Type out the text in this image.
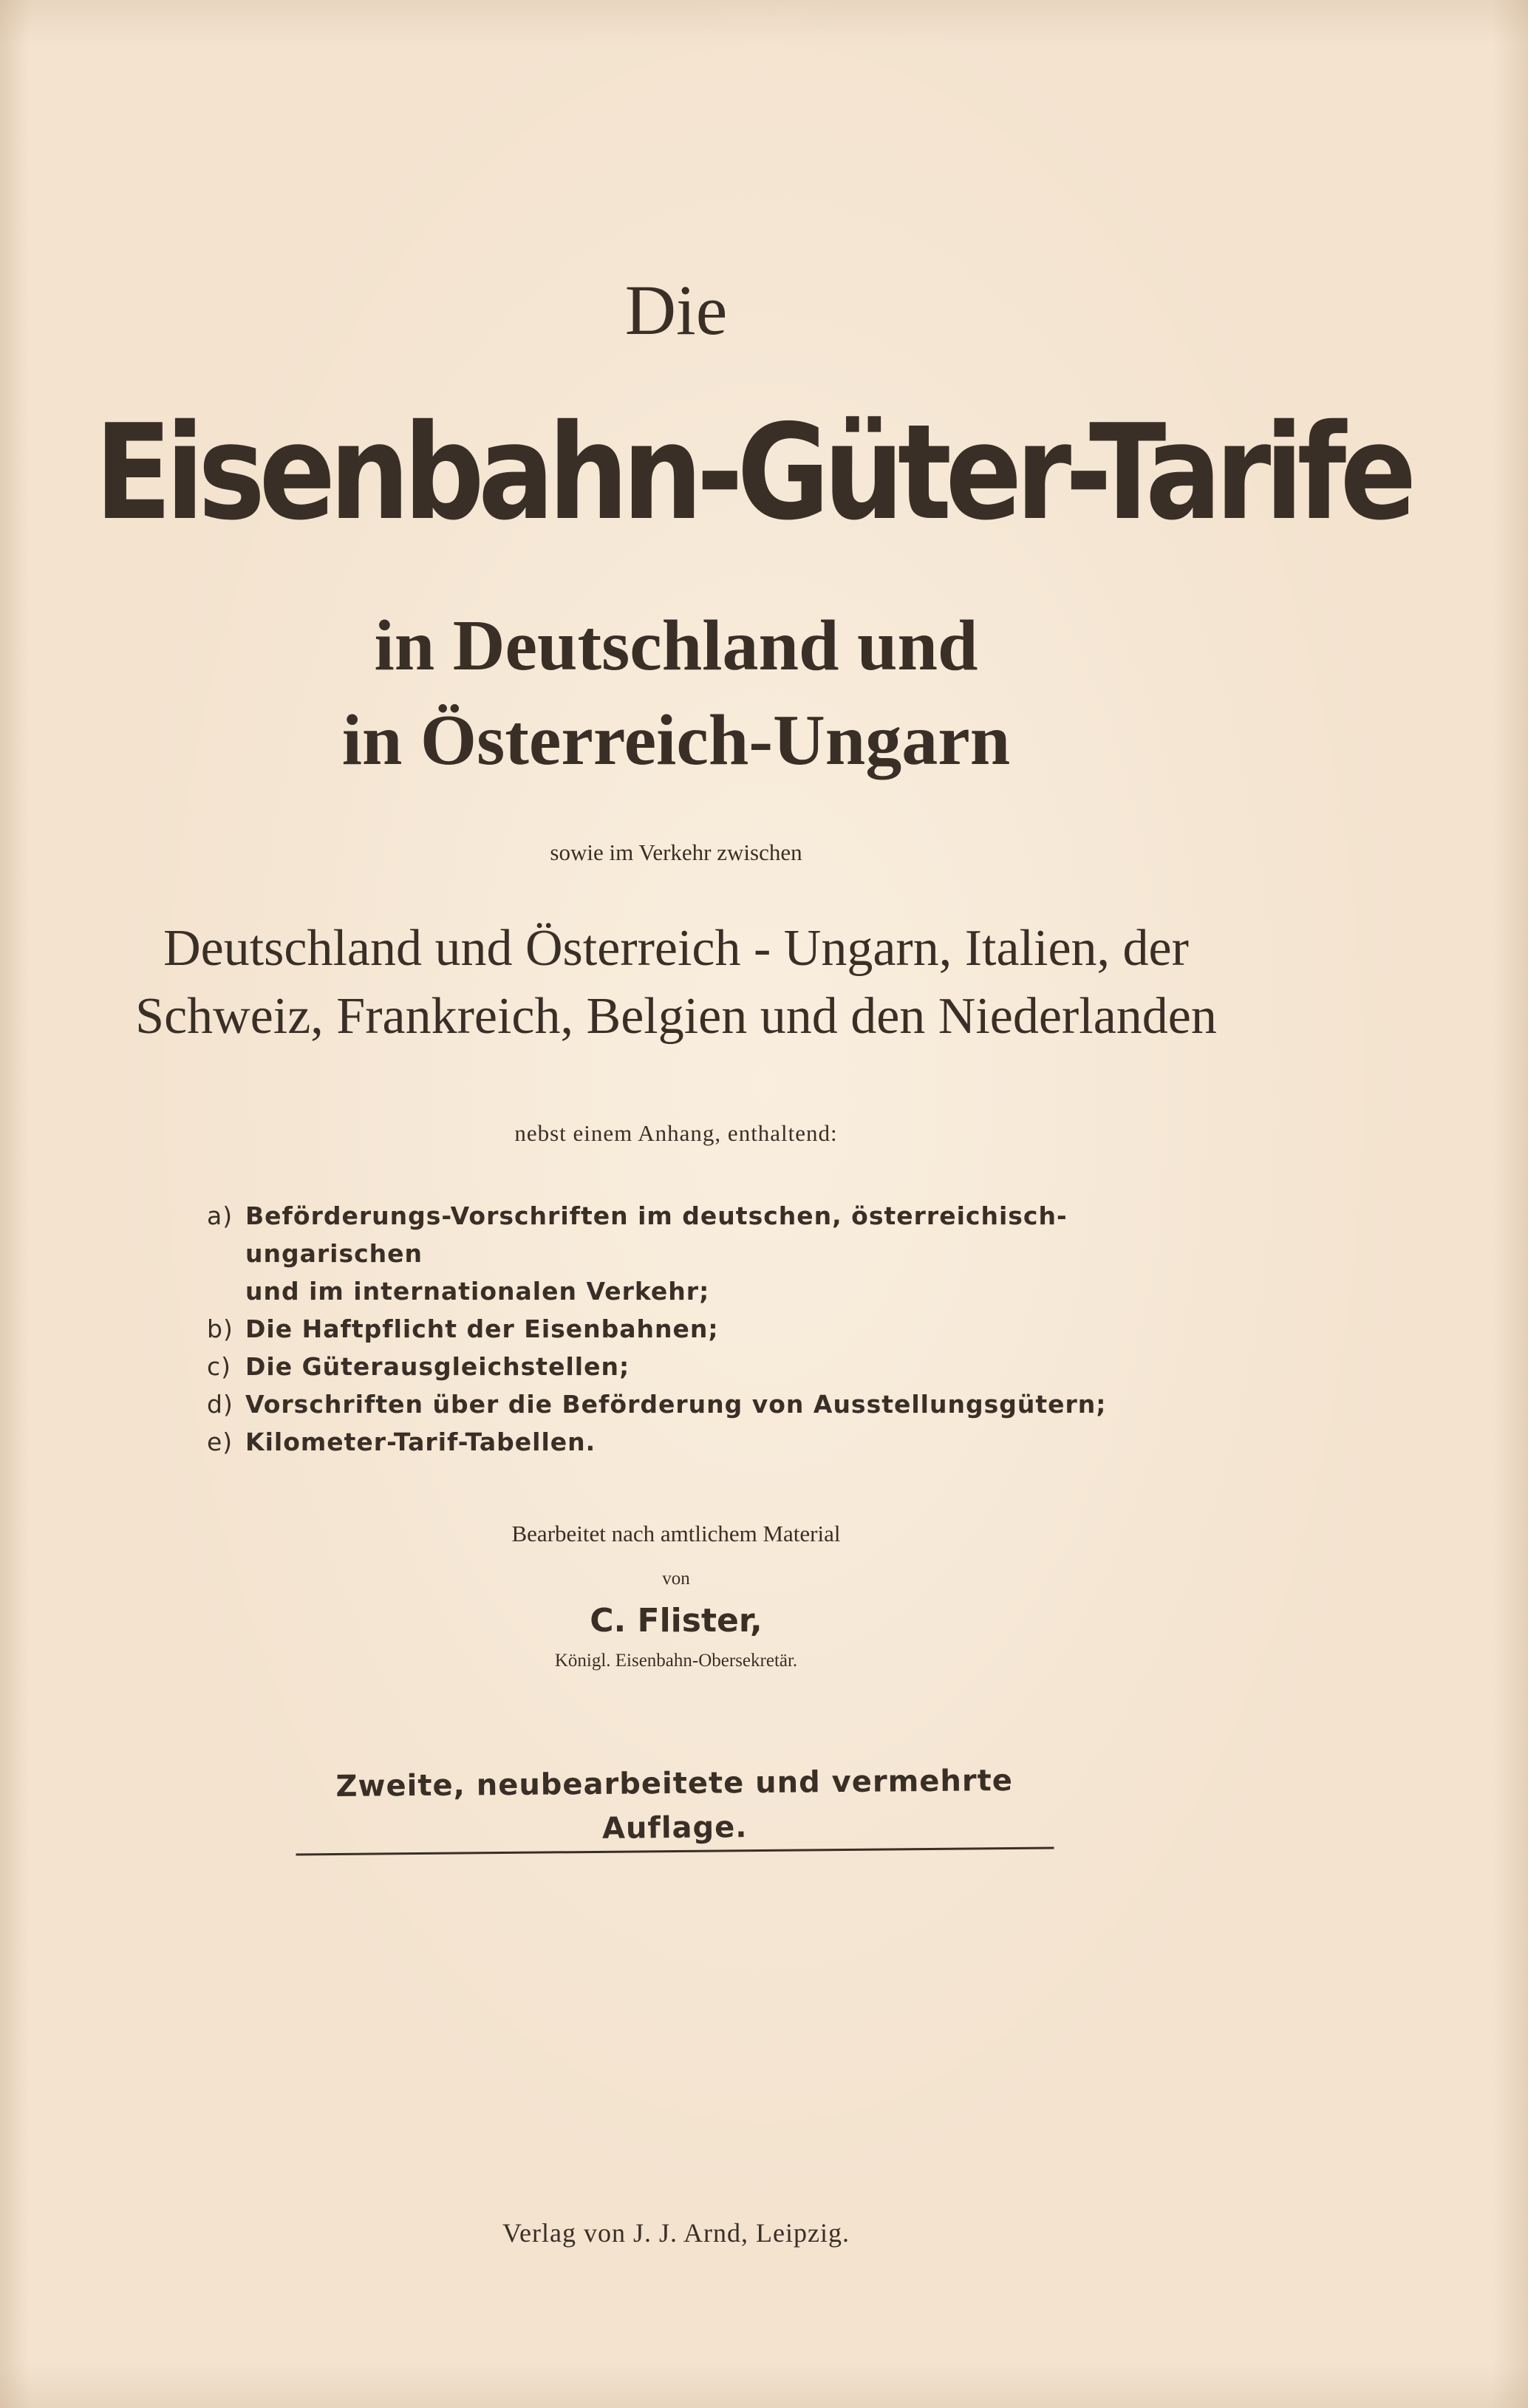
Die
Eisenbahn-Güter-Tarife
in Deutschland und
in Österreich-Ungarn
sowie im Verkehr zwischen
Deutschland und Österreich - Ungarn, Italien, der
Schweiz, Frankreich, Belgien und den Niederlanden
nebst einem Anhang, enthaltend:
a) Beförderungs-Vorschriften im deutschen, österreichisch-ungarischen
und im internationalen Verkehr;
b) Die Haftpflicht der Eisenbahnen;
c) Die Güterausgleichstellen;
d) Vorschriften über die Beförderung von Ausstellungsgütern;
e) Kilometer-Tarif-Tabellen.
Bearbeitet nach amtlichem Material
von
C. Flister,
Königl. Eisenbahn-Obersekretär.
Zweite, neubearbeitete und vermehrte Auflage.
Verlag von J. J. Arnd, Leipzig.
